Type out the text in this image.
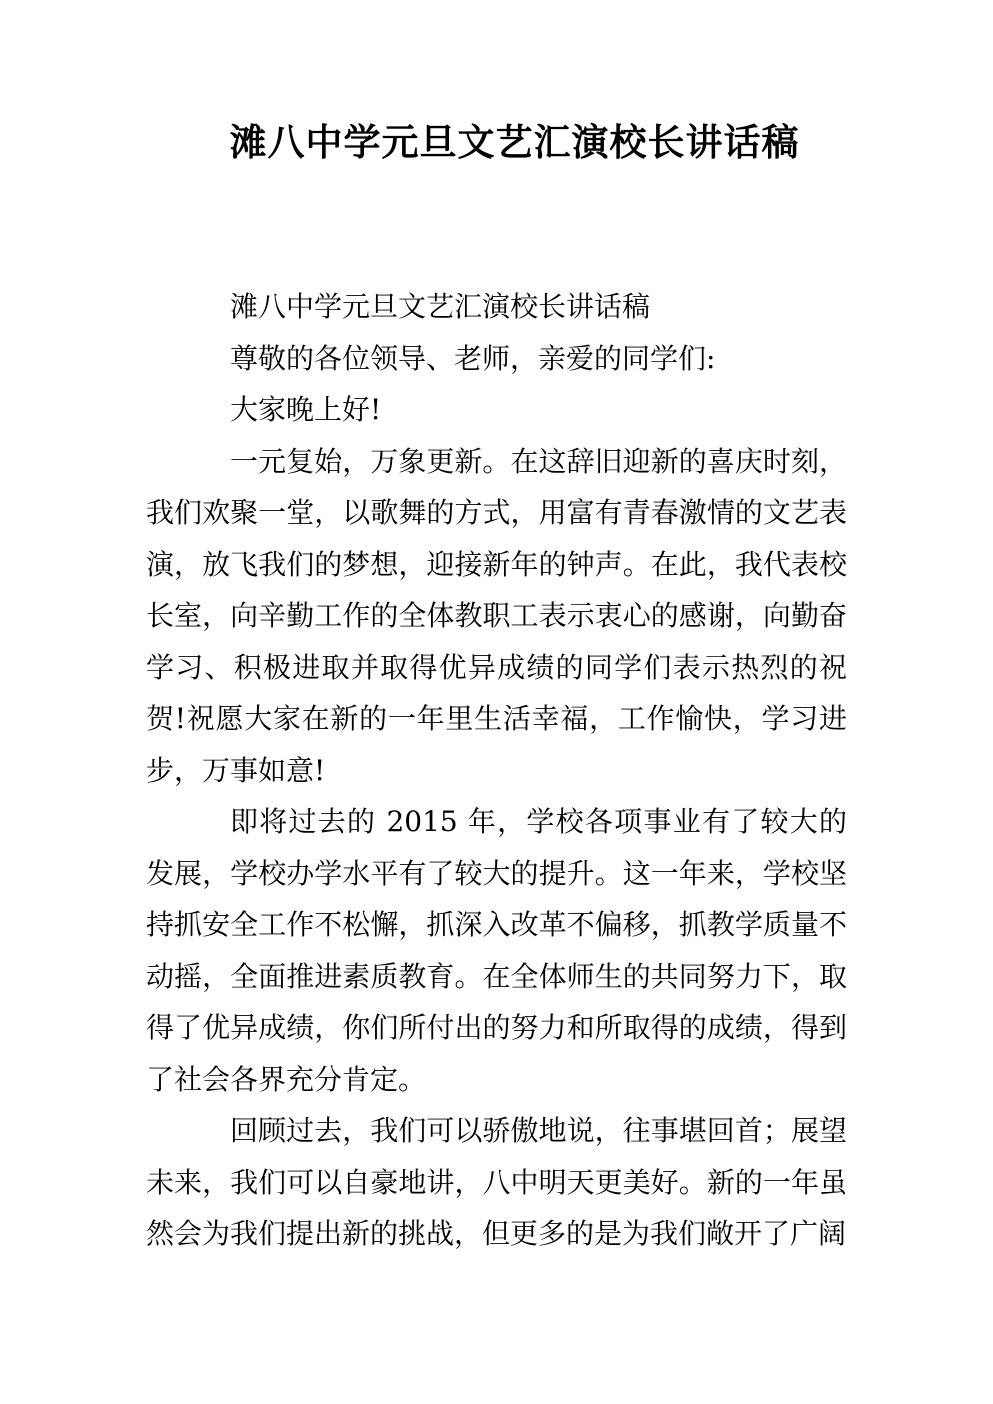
滩八中学元旦文艺汇演校长讲话稿

滩八中学元旦文艺汇演校长讲话稿

尊敬的各位领导、老师，亲爱的同学们:

大家晚上好!

一元复始，万象更新。在这辞旧迎新的喜庆时刻，我们欢聚一堂，以歌舞的方式，用富有青春激情的文艺表演，放飞我们的梦想，迎接新年的钟声。在此，我代表校长室，向辛勤工作的全体教职工表示衷心的感谢，向勤奋学习、积极进取并取得优异成绩的同学们表示热烈的祝贺!祝愿大家在新的一年里生活幸福，工作愉快，学习进步，万事如意!

即将过去的 2015 年，学校各项事业有了较大的发展，学校办学水平有了较大的提升。这一年来，学校坚持抓安全工作不松懈，抓深入改革不偏移，抓教学质量不动摇，全面推进素质教育。在全体师生的共同努力下，取得了优异成绩，你们所付出的努力和所取得的成绩，得到了社会各界充分肯定。

回顾过去，我们可以骄傲地说，往事堪回首；展望未来，我们可以自豪地讲，八中明天更美好。新的一年虽然会为我们提出新的挑战，但更多的是为我们敞开了广阔
